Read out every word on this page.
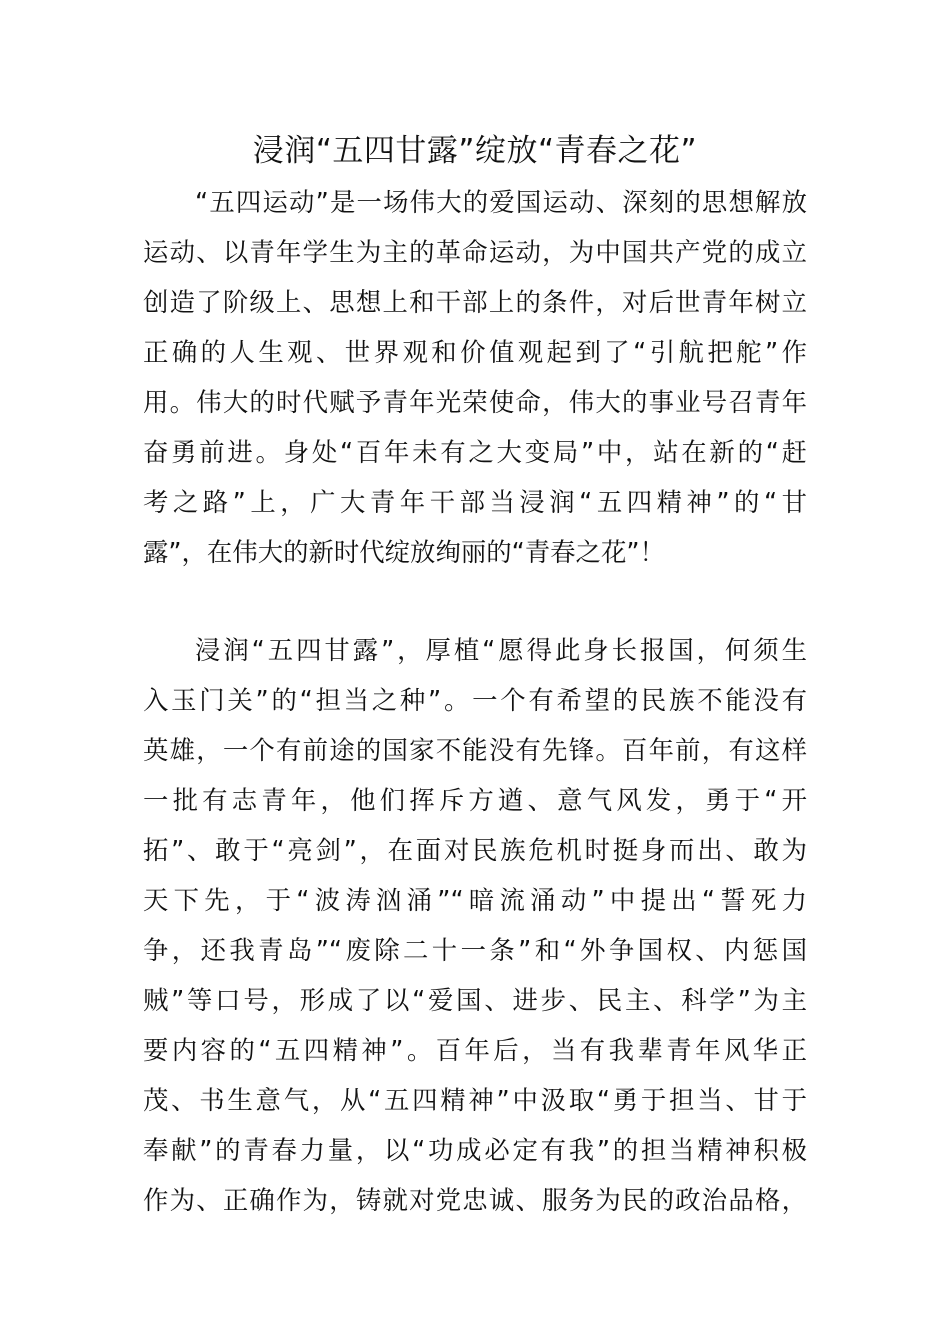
浸润“五四甘露”绽放“青春之花”
“五四运动”是一场伟大的爱国运动、深刻的思想解放
运动、以青年学生为主的革命运动，为中国共产党的成立
创造了阶级上、思想上和干部上的条件，对后世青年树立
正确的人生观、世界观和价值观起到了“引航把舵”作
用。伟大的时代赋予青年光荣使命，伟大的事业号召青年
奋勇前进。身处“百年未有之大变局”中，站在新的“赶
考之路”上，广大青年干部当浸润“五四精神”的“甘
露”，在伟大的新时代绽放绚丽的“青春之花”！
浸润“五四甘露”，厚植“愿得此身长报国，何须生
入玉门关”的“担当之种”。一个有希望的民族不能没有
英雄，一个有前途的国家不能没有先锋。百年前，有这样
一批有志青年，他们挥斥方遒、意气风发，勇于“开
拓”、敢于“亮剑”，在面对民族危机时挺身而出、敢为
天下先，于“波涛汹涌”“暗流涌动”中提出“誓死力
争，还我青岛”“废除二十一条”和“外争国权、内惩国
贼”等口号，形成了以“爱国、进步、民主、科学”为主
要内容的“五四精神”。百年后，当有我辈青年风华正
茂、书生意气，从“五四精神”中汲取“勇于担当、甘于
奉献”的青春力量，以“功成必定有我”的担当精神积极
作为、正确作为，铸就对党忠诚、服务为民的政治品格，
